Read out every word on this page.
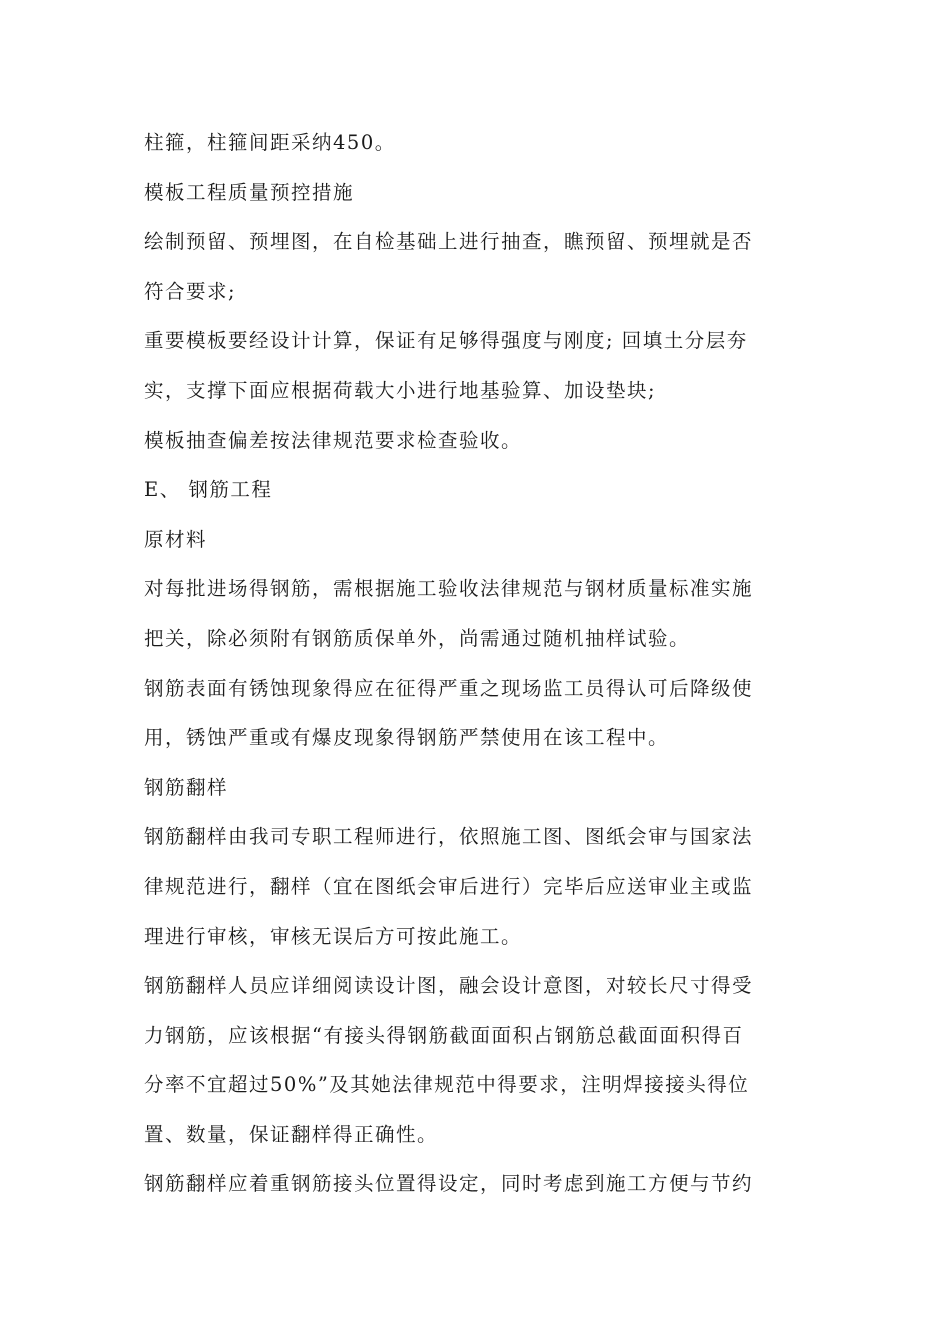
柱箍，柱箍间距采纳450。
模板工程质量预控措施
绘制预留、预埋图，在自检基础上进行抽查，瞧预留、预埋就是否
符合要求;
重要模板要经设计计算，保证有足够得强度与刚度; 回填土分层夯
实，支撑下面应根据荷载大小进行地基验算、加设垫块;
模板抽查偏差按法律规范要求检查验收。
E、 钢筋工程
原材料
对每批进场得钢筋，需根据施工验收法律规范与钢材质量标准实施
把关，除必须附有钢筋质保单外，尚需通过随机抽样试验。
钢筋表面有锈蚀现象得应在征得严重之现场监工员得认可后降级使
用，锈蚀严重或有爆皮现象得钢筋严禁使用在该工程中。
钢筋翻样
钢筋翻样由我司专职工程师进行，依照施工图、图纸会审与国家法
律规范进行，翻样（宜在图纸会审后进行）完毕后应送审业主或监
理进行审核，审核无误后方可按此施工。
钢筋翻样人员应详细阅读设计图，融会设计意图，对较长尺寸得受
力钢筋，应该根据“有接头得钢筋截面面积占钢筋总截面面积得百
分率不宜超过50%”及其她法律规范中得要求，注明焊接接头得位
置、数量，保证翻样得正确性。
钢筋翻样应着重钢筋接头位置得设定，同时考虑到施工方便与节约
